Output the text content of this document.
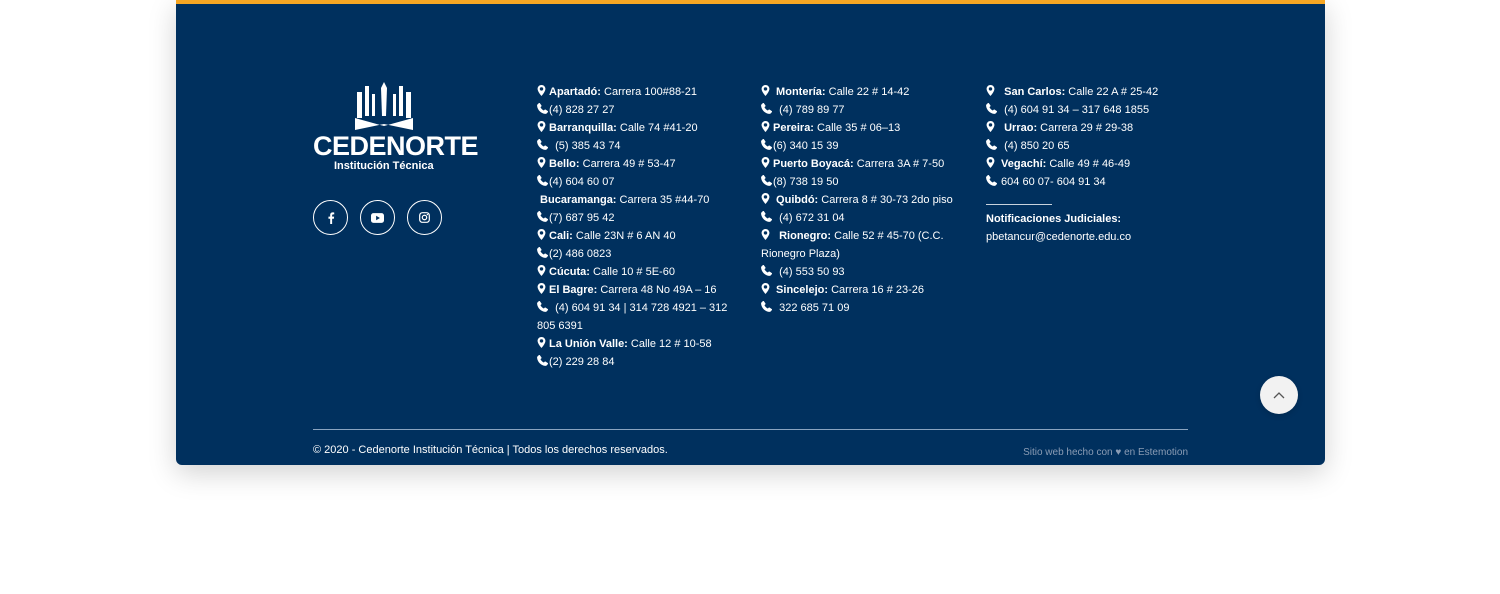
CEDENORTE
Institución Técnica
Apartadó: Carrera 100#88-21
(4) 828 27 27
Barranquilla: Calle 74 #41-20
(5) 385 43 74
Bello: Carrera 49 # 53-47
(4) 604 60 07
Bucaramanga: Carrera 35 #44-70
(7) 687 95 42
Cali: Calle 23N # 6 AN 40
(2) 486 0823
Cúcuta: Calle 10 # 5E-60
El Bagre: Carrera 48 No 49A – 16
(4) 604 91 34 | 314 728 4921 – 312 805 6391
La Unión Valle: Calle 12 # 10-58
(2) 229 28 84
Montería: Calle 22 # 14-42
(4) 789 89 77
Pereira: Calle 35 # 06–13
(6) 340 15 39
Puerto Boyacá: Carrera 3A # 7-50
(8) 738 19 50
Quibdó: Carrera 8 # 30-73 2do piso
(4) 672 31 04
Rionegro: Calle 52 # 45-70 (C.C. Rionegro Plaza)
(4) 553 50 93
Sincelejo: Carrera 16 # 23-26
322 685 71 09
San Carlos: Calle 22 A # 25-42
(4) 604 91 34 – 317 648 1855
Urrao: Carrera 29 # 29-38
(4) 850 20 65
Vegachí: Calle 49 # 46-49
604 60 07- 604 91 34
Notificaciones Judiciales:
pbetancur@cedenorte.edu.co
© 2020 - Cedenorte Institución Técnica | Todos los derechos reservados.	Sitio web hecho con ♥ en Estemotion
